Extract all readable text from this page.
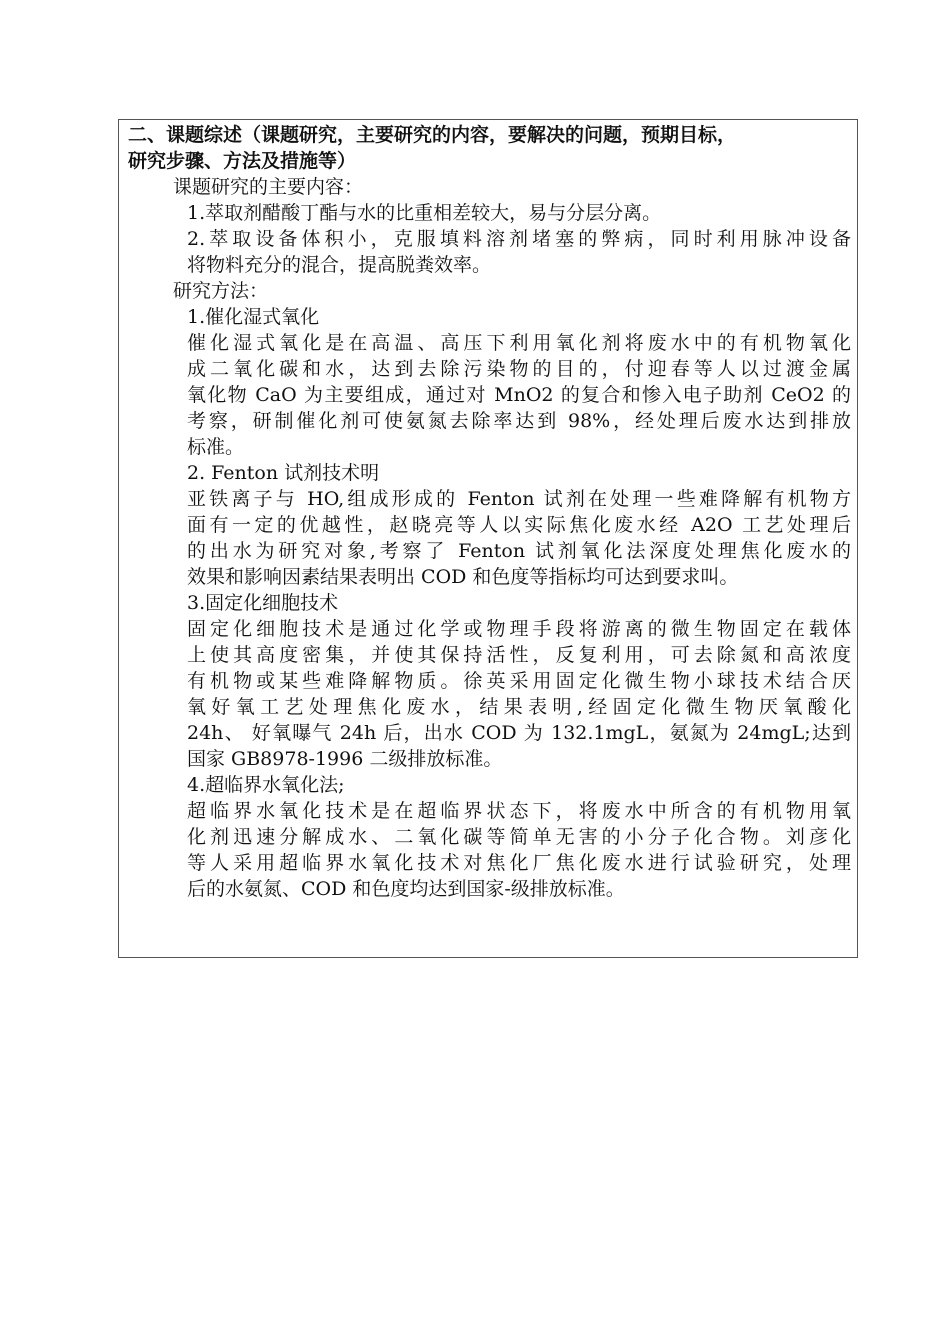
二、课题综述（课题研究，主要研究的内容，要解决的问题，预期目标，
研究步骤、方法及措施等）
课题研究的主要内容：
1.萃取剂醋酸丁酯与水的比重相差较大，易与分层分离。
2.萃取设备体积小，克服填料溶剂堵塞的弊病，同时利用脉冲设备
将物料充分的混合，提高脱粪效率。
研究方法：
1.催化湿式氧化
催化湿式氧化是在高温、高压下利用氧化剂将废水中的有机物氧化
成二氧化碳和水，达到去除污染物的目的，付迎春等人以过渡金属
氧化物 CaO 为主要组成，通过对 MnO2 的复合和惨入电子助剂 CeO2 的
考察，研制催化剂可使氨氮去除率达到 98%，经处理后废水达到排放
标准。
2. Fenton 试剂技术明
亚铁离子与 HO,组成形成的 Fenton 试剂在处理一些难降解有机物方
面有一定的优越性，赵晓亮等人以实际焦化废水经 A2O 工艺处理后
的出水为研究对象,考察了 Fenton 试剂氧化法深度处理焦化废水的
效果和影响因素结果表明出 COD 和色度等指标均可达到要求叫。
3.固定化细胞技术
固定化细胞技术是通过化学或物理手段将游离的微生物固定在载体
上使其高度密集，并使其保持活性，反复利用，可去除氮和高浓度
有机物或某些难降解物质。徐英采用固定化微生物小球技术结合厌
氧好氧工艺处理焦化废水，结果表明,经固定化微生物厌氧酸化
24h、 好氧曝气 24h 后，出水 COD 为 132.1mgL，氨氮为 24mgL;达到
国家 GB8978-1996 二级排放标准。
4.超临界水氧化法;
超临界水氧化技术是在超临界状态下，将废水中所含的有机物用氧
化剂迅速分解成水、二氧化碳等简单无害的小分子化合物。刘彦化
等人采用超临界水氧化技术对焦化厂焦化废水进行试验研究，处理
后的水氨氮、COD 和色度均达到国家-级排放标准。
